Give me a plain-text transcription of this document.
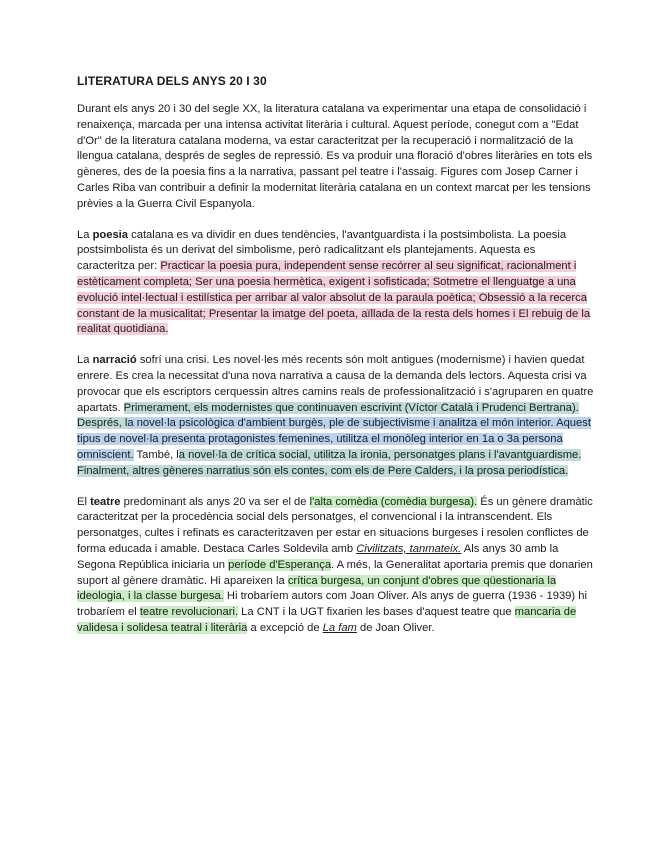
LITERATURA DELS ANYS 20 I 30

Durant els anys 20 i 30 del segle XX, la literatura catalana va experimentar una etapa de consolidació i renaixença, marcada per una intensa activitat literària i cultural. Aquest període, conegut com a "Edat d'Or" de la literatura catalana moderna, va estar caracteritzat per la recuperació i normalització de la llengua catalana, després de segles de repressió. Es va produir una floració d'obres literàries en tots els gèneres, des de la poesia fins a la narrativa, passant pel teatre i l'assaig. Figures com Josep Carner i Carles Riba van contribuir a definir la modernitat literària catalana en un context marcat per les tensions prèvies a la Guerra Civil Espanyola.

La poesia catalana es va dividir en dues tendències, l'avantguardista i la postsimbolista. La poesia postsimbolista és un derivat del simbolisme, però radicalitzant els plantejaments. Aquesta es caracteritza per: Practicar la poesia pura, independent sense recórrer al seu significat, racionalment i estèticament completa; Ser una poesia hermètica, exigent i sofisticada; Sotmetre el llenguatge a una evolució intel·lectual i estilística per arribar al valor absolut de la paraula poètica; Obsessió a la recerca constant de la musicalitat; Presentar la imatge del poeta, aïllada de la resta dels homes i El rebuig de la realitat quotidiana.

La narració sofrí una crisi. Les novel·les més recents són molt antigues (modernisme) i havien quedat enrere. Es crea la necessitat d'una nova narrativa a causa de la demanda dels lectors. Aquesta crisi va provocar que els escriptors cerquessin altres camins reals de professionalització i s'agruparen en quatre apartats. Primerament, els modernistes que continuaven escrivint (Víctor Català i Prudenci Bertrana). Després, la novel·la psicològica d'ambient burgès, ple de subjectivisme i analitza el món interior. Aquest tipus de novel·la presenta protagonistes femenines, utilitza el monòleg interior en 1a o 3a persona omniscient. També, la novel·la de crítica social, utilitza la ironia, personatges plans i l'avantguardisme. Finalment, altres gèneres narratius són els contes, com els de Pere Calders, i la prosa periodística.

El teatre predominant als anys 20 va ser el de l'alta comèdia (comèdia burgesa). És un gènere dramàtic caracteritzat per la procedència social dels personatges, el convencional i la intranscendent. Els personatges, cultes i refinats es caracteritzaven per estar en situacions burgeses i resolen conflictes de forma educada i amable. Destaca Carles Soldevila amb Civilitzats, tanmateix. Als anys 30 amb la Segona República iniciaria un període d'Esperança. A més, la Generalitat aportaria premis que donarien suport al gènere dramàtic. Hi apareixen la crítica burgesa, un conjunt d'obres que qüestionaria la ideologia, i la classe burgesa. Hi trobaríem autors com Joan Oliver. Als anys de guerra (1936 - 1939) hi trobaríem el teatre revolucionari. La CNT i la UGT fixarien les bases d'aquest teatre que mancaria de validesa i solidesa teatral i literària a excepció de La fam de Joan Oliver.
